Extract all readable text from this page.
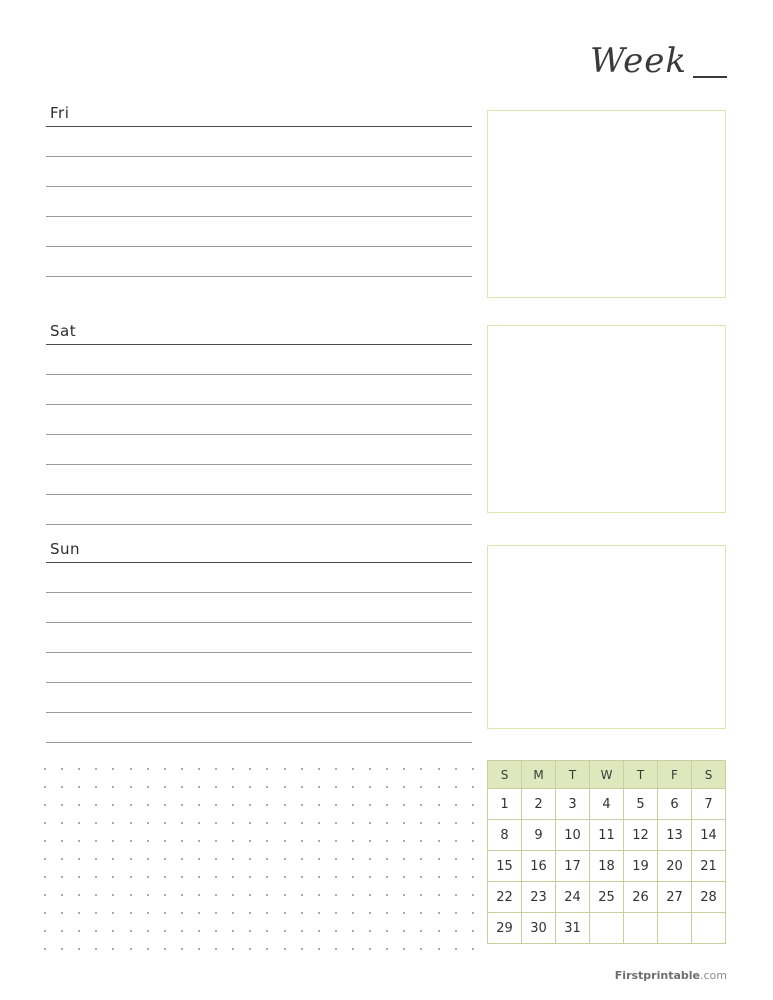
Week
Fri
Sat
Sun
S	M	T	W	T	F	S
1	2	3	4	5	6	7
8	9	10	11	12	13	14
15	16	17	18	19	20	21
22	23	24	25	26	27	28
29	30	31				
Firstprintable.com
